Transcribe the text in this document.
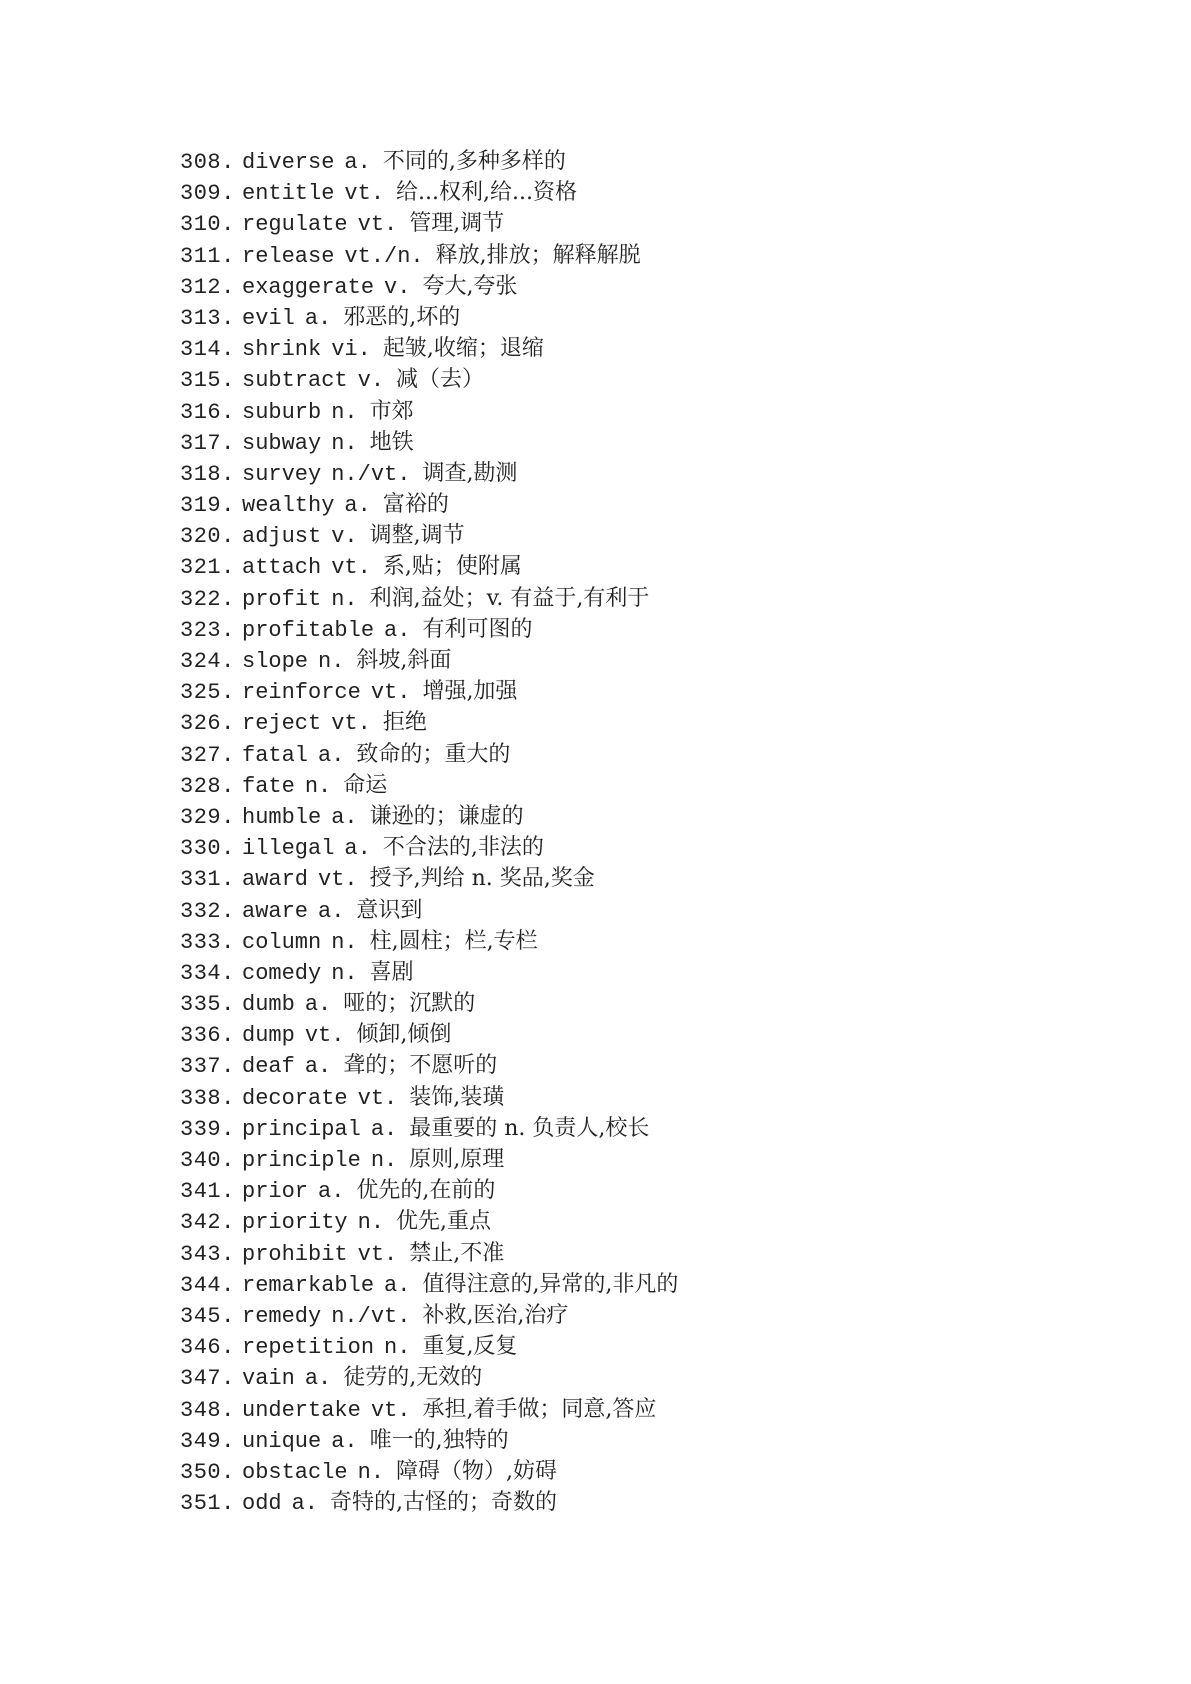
308. diverse a. 不同的,多种多样的
309. entitle vt. 给...权利,给...资格
310. regulate vt. 管理,调节
311. release vt./n. 释放,排放；解释解脱
312. exaggerate v. 夸大,夸张
313. evil a. 邪恶的,坏的
314. shrink vi. 起皱,收缩；退缩
315. subtract v. 减（去）
316. suburb n. 市郊
317. subway n. 地铁
318. survey n./vt. 调查,勘测
319. wealthy a. 富裕的
320. adjust v. 调整,调节
321. attach vt. 系,贴；使附属
322. profit n. 利润,益处；v. 有益于,有利于
323. profitable a. 有利可图的
324. slope n. 斜坡,斜面
325. reinforce vt. 增强,加强
326. reject vt. 拒绝
327. fatal a. 致命的；重大的
328. fate n. 命运
329. humble a. 谦逊的；谦虚的
330. illegal a. 不合法的,非法的
331. award vt. 授予,判给 n. 奖品,奖金
332. aware a. 意识到
333. column n. 柱,圆柱；栏,专栏
334. comedy n. 喜剧
335. dumb a. 哑的；沉默的
336. dump vt. 倾卸,倾倒
337. deaf a. 聋的；不愿听的
338. decorate vt. 装饰,装璜
339. principal a. 最重要的 n. 负责人,校长
340. principle n. 原则,原理
341. prior a. 优先的,在前的
342. priority n. 优先,重点
343. prohibit vt. 禁止,不准
344. remarkable a. 值得注意的,异常的,非凡的
345. remedy n./vt. 补救,医治,治疗
346. repetition n. 重复,反复
347. vain a. 徒劳的,无效的
348. undertake vt. 承担,着手做；同意,答应
349. unique a. 唯一的,独特的
350. obstacle n. 障碍（物）,妨碍
351. odd a. 奇特的,古怪的；奇数的
